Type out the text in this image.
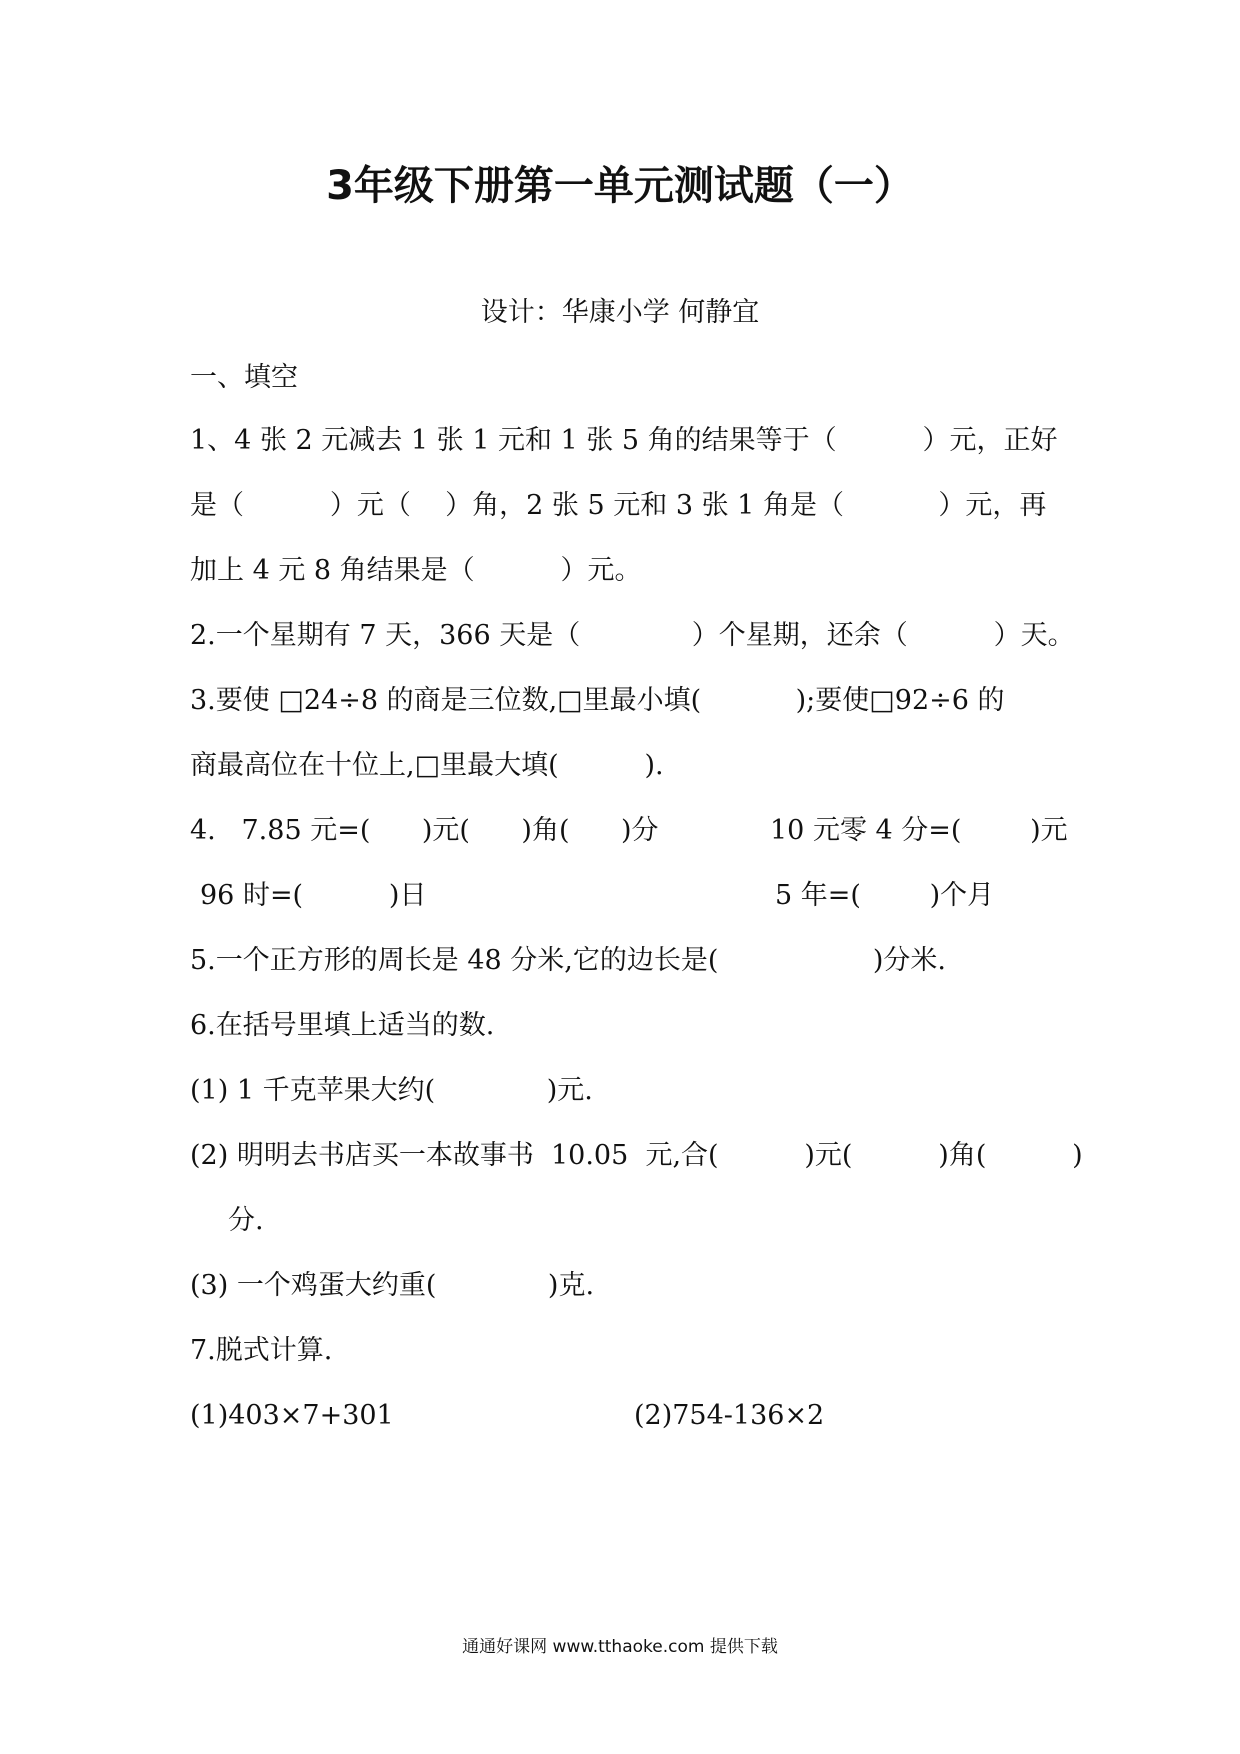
3年级下册第一单元测试题（一）
设计：华康小学 何静宜
一、填空
1、4 张 2 元减去 1 张 1 元和 1 张 5 角的结果等于（          ）元，正好
是（          ）元（    ）角，2 张 5 元和 3 张 1 角是（           ）元，再
加上 4 元 8 角结果是（          ）元。
2.一个星期有 7 天，366 天是（             ）个星期，还余（          ）天。
3.要使 □24÷8 的商是三位数,□里最小填(           );要使□92÷6 的
商最高位在十位上,□里最大填(          ).
4.   7.85 元=(      )元(      )角(      )分	10 元零 4 分=(        )元
96 时=(          )日	5 年=(        )个月
5.一个正方形的周长是 48 分米,它的边长是(                  )分米.
6.在括号里填上适当的数.
(1) 1 千克苹果大约(             )元.
(2) 明明去书店买一本故事书  10.05  元,合(          )元(          )角(          )
分.
(3) 一个鸡蛋大约重(             )克.
7.脱式计算.
(1)403×7+301	(2)754-136×2
通通好课网 www.tthaoke.com 提供下载
